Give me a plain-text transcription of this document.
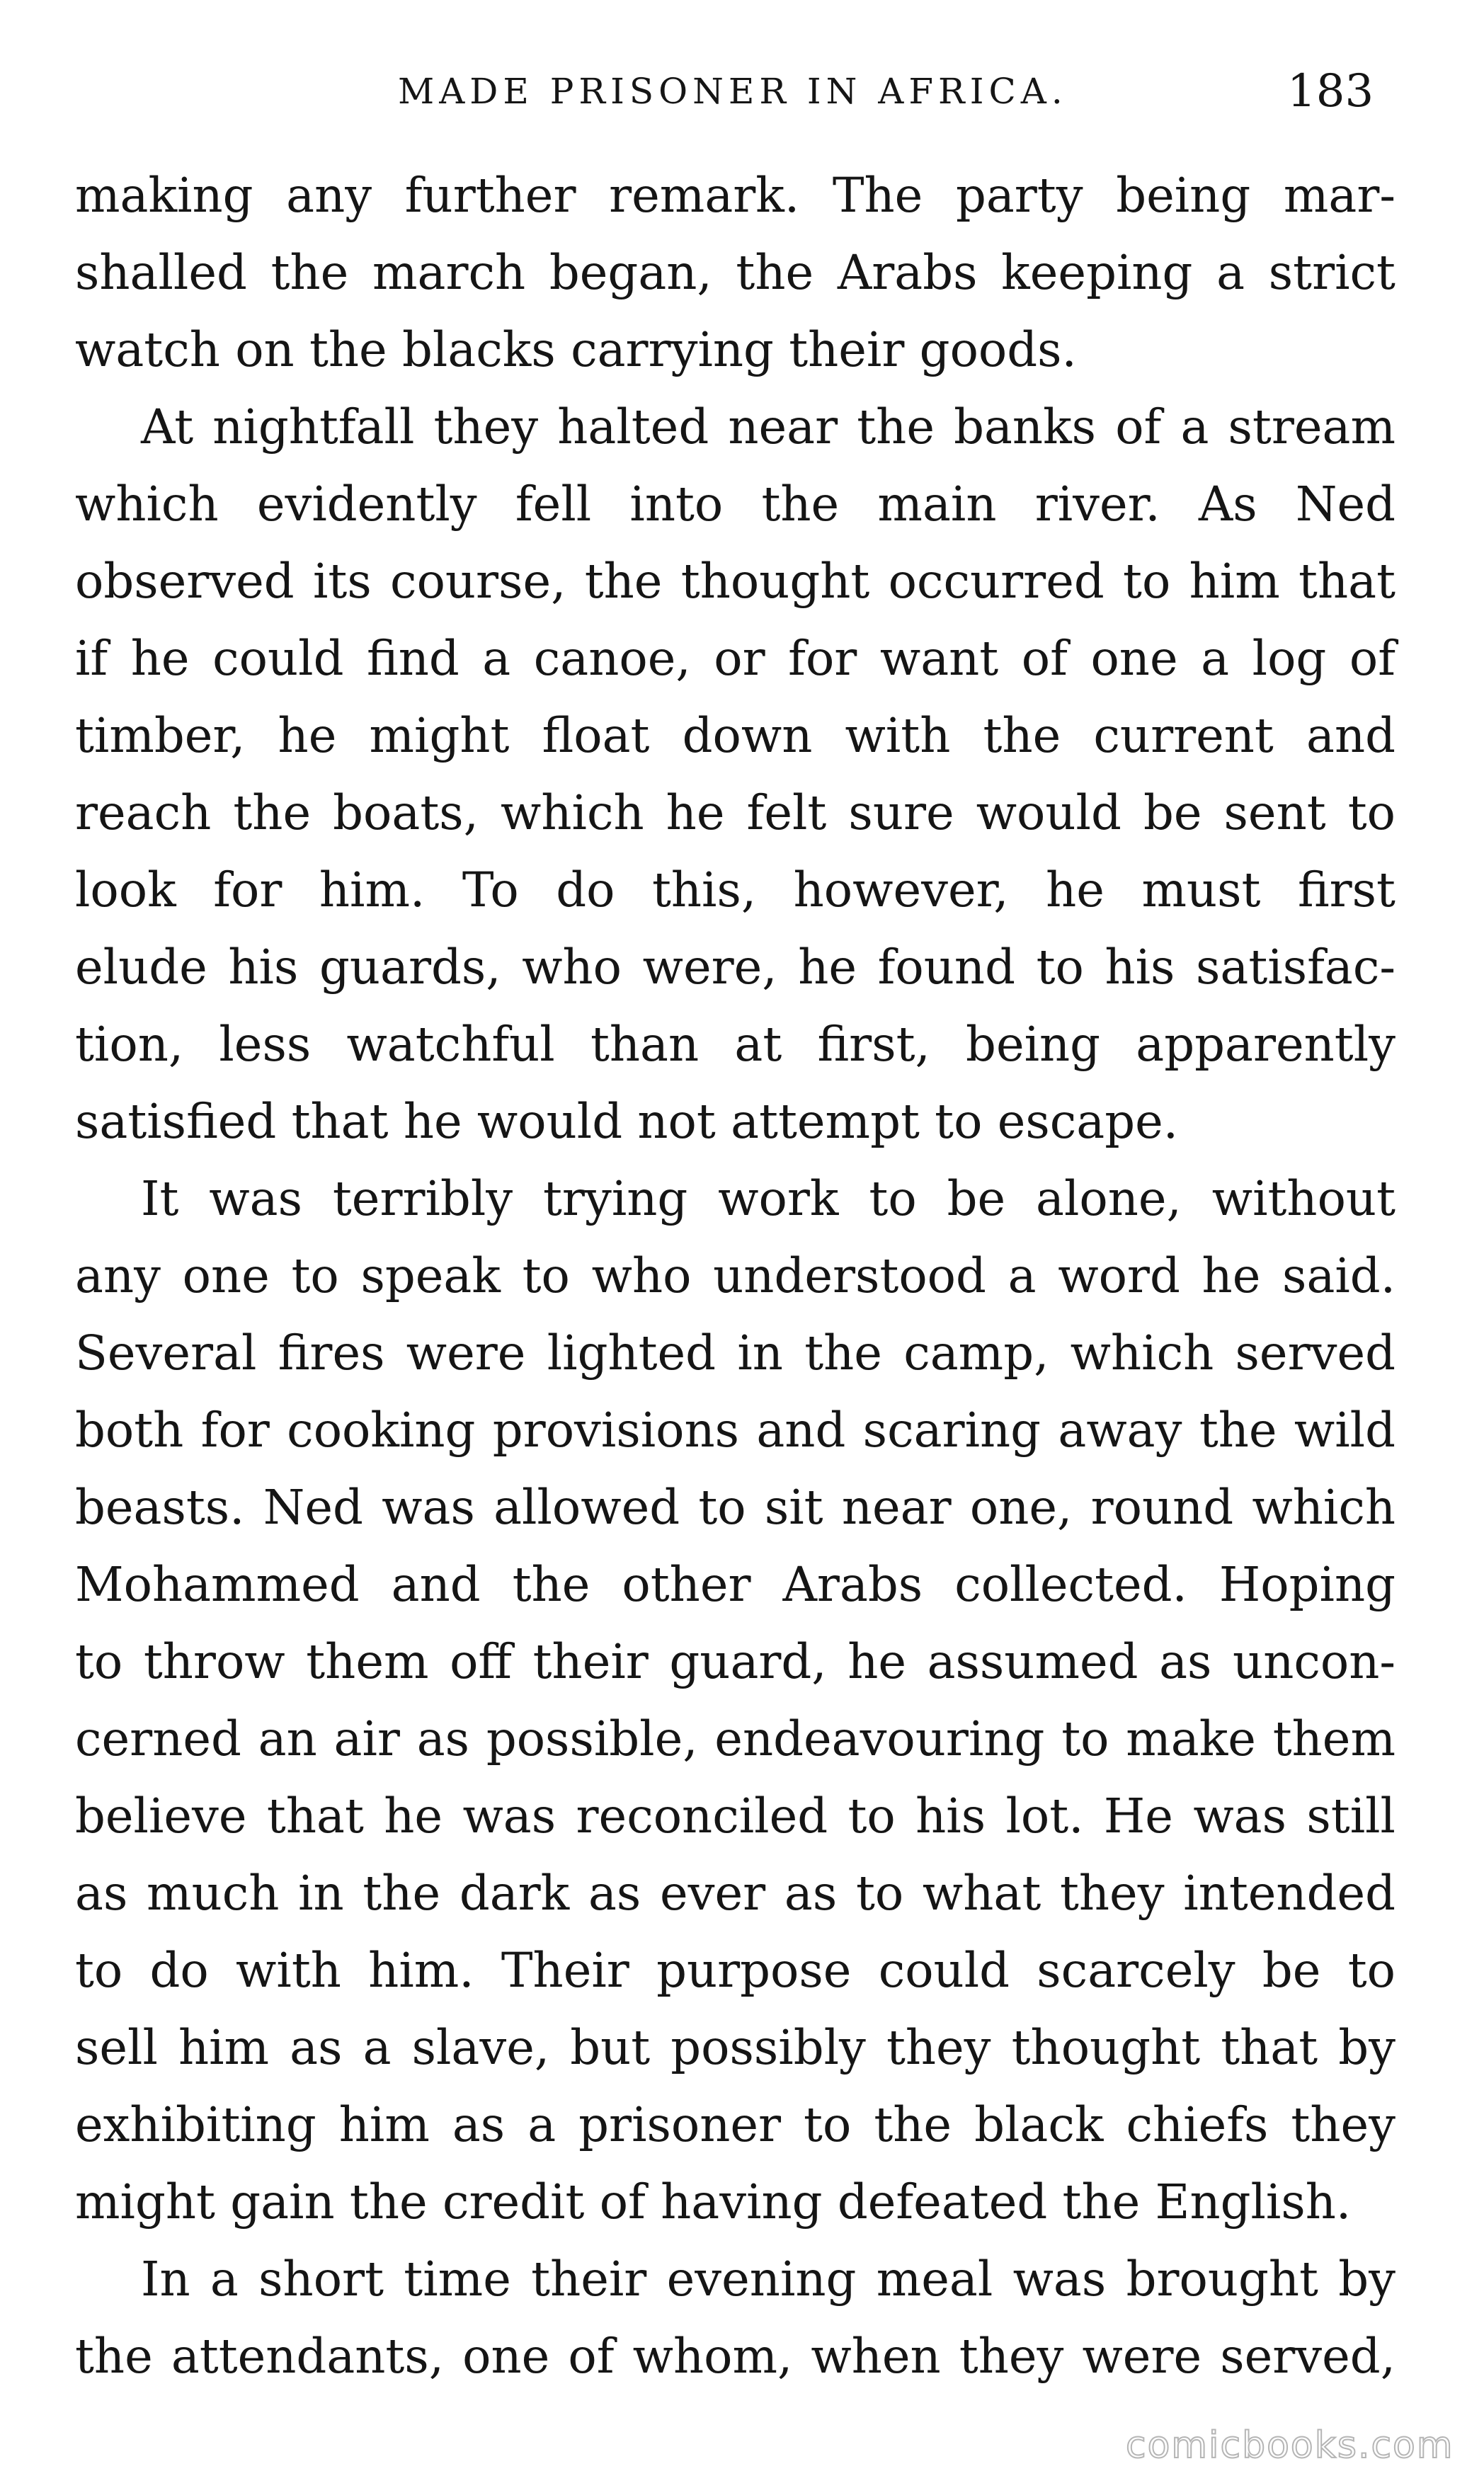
MADE PRISONER IN AFRICA.	183

making any further remark. The party being mar-
shalled the march began, the Arabs keeping a strict
watch on the blacks carrying their goods.

At nightfall they halted near the banks of a stream
which evidently fell into the main river. As Ned
observed its course, the thought occurred to him that
if he could find a canoe, or for want of one a log of
timber, he might float down with the current and
reach the boats, which he felt sure would be sent to
look for him. To do this, however, he must first
elude his guards, who were, he found to his satisfac-
tion, less watchful than at first, being apparently
satisfied that he would not attempt to escape.

It was terribly trying work to be alone, without
any one to speak to who understood a word he said.
Several fires were lighted in the camp, which served
both for cooking provisions and scaring away the wild
beasts. Ned was allowed to sit near one, round which
Mohammed and the other Arabs collected. Hoping
to throw them off their guard, he assumed as uncon-
cerned an air as possible, endeavouring to make them
believe that he was reconciled to his lot. He was still
as much in the dark as ever as to what they intended
to do with him. Their purpose could scarcely be to
sell him as a slave, but possibly they thought that by
exhibiting him as a prisoner to the black chiefs they
might gain the credit of having defeated the English.

In a short time their evening meal was brought by
the attendants, one of whom, when they were served,

comicbooks.com
